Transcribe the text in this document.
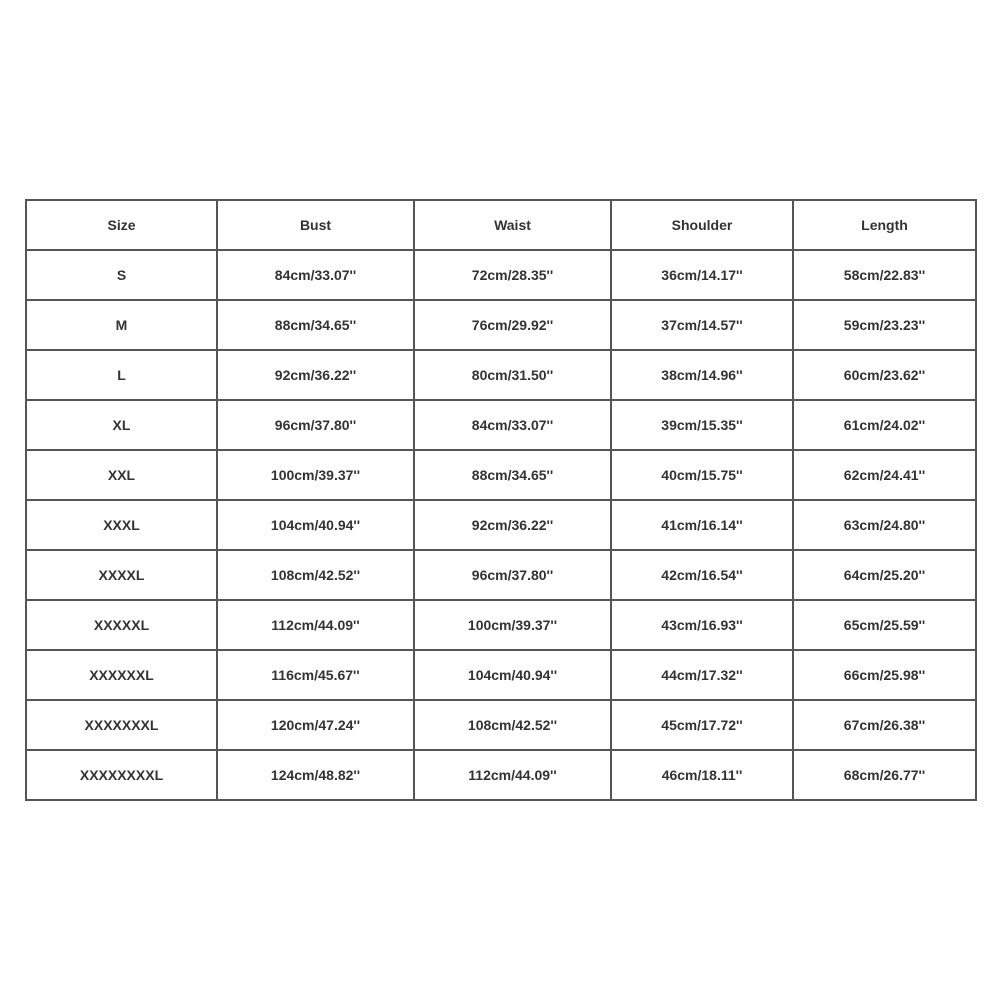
Size	Bust	Waist	Shoulder	Length
S	84cm/33.07''	72cm/28.35''	36cm/14.17''	58cm/22.83''
M	88cm/34.65''	76cm/29.92''	37cm/14.57''	59cm/23.23''
L	92cm/36.22''	80cm/31.50''	38cm/14.96''	60cm/23.62''
XL	96cm/37.80''	84cm/33.07''	39cm/15.35''	61cm/24.02''
XXL	100cm/39.37''	88cm/34.65''	40cm/15.75''	62cm/24.41''
XXXL	104cm/40.94''	92cm/36.22''	41cm/16.14''	63cm/24.80''
XXXXL	108cm/42.52''	96cm/37.80''	42cm/16.54''	64cm/25.20''
XXXXXL	112cm/44.09''	100cm/39.37''	43cm/16.93''	65cm/25.59''
XXXXXXL	116cm/45.67''	104cm/40.94''	44cm/17.32''	66cm/25.98''
XXXXXXXL	120cm/47.24''	108cm/42.52''	45cm/17.72''	67cm/26.38''
XXXXXXXXL	124cm/48.82''	112cm/44.09''	46cm/18.11''	68cm/26.77''
